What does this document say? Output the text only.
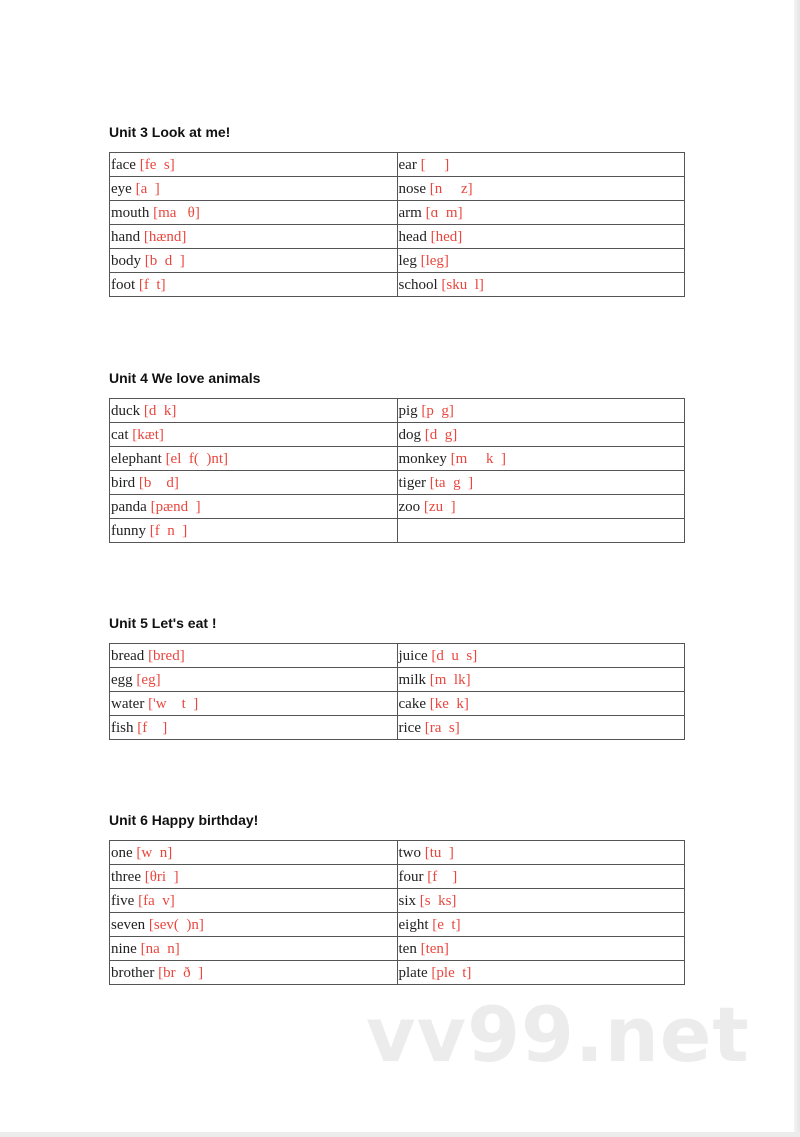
Unit 3 Look at me!
face [fe  s]	ear [     ]
eye [a  ]	nose [n     z]
mouth [ma   θ]	arm [ɑ  m]
hand [hænd]	head [hed]
body [b  d  ]	leg [leg]
foot [f  t]	school [sku  l]
Unit 4 We love animals
duck [d  k]	pig [p  g]
cat [kæt]	dog [d  g]
elephant [el  f(  )nt]	monkey [m     k  ]
bird [b    d]	tiger [ta  g  ]
panda [pænd  ]	zoo [zu  ]
funny [f  n  ]	
Unit 5 Let's eat !
bread [bred]	juice [d  u  s]
egg [eg]	milk [m  lk]
water ['w    t  ]	cake [ke  k]
fish [f    ]	rice [ra  s]
Unit 6 Happy birthday!
one [w  n]	two [tu  ]
three [θri  ]	four [f    ]
five [fa  v]	six [s  ks]
seven [sev(  )n]	eight [e  t]
nine [na  n]	ten [ten]
brother [br  ð  ]	plate [ple  t]
vv99.net
